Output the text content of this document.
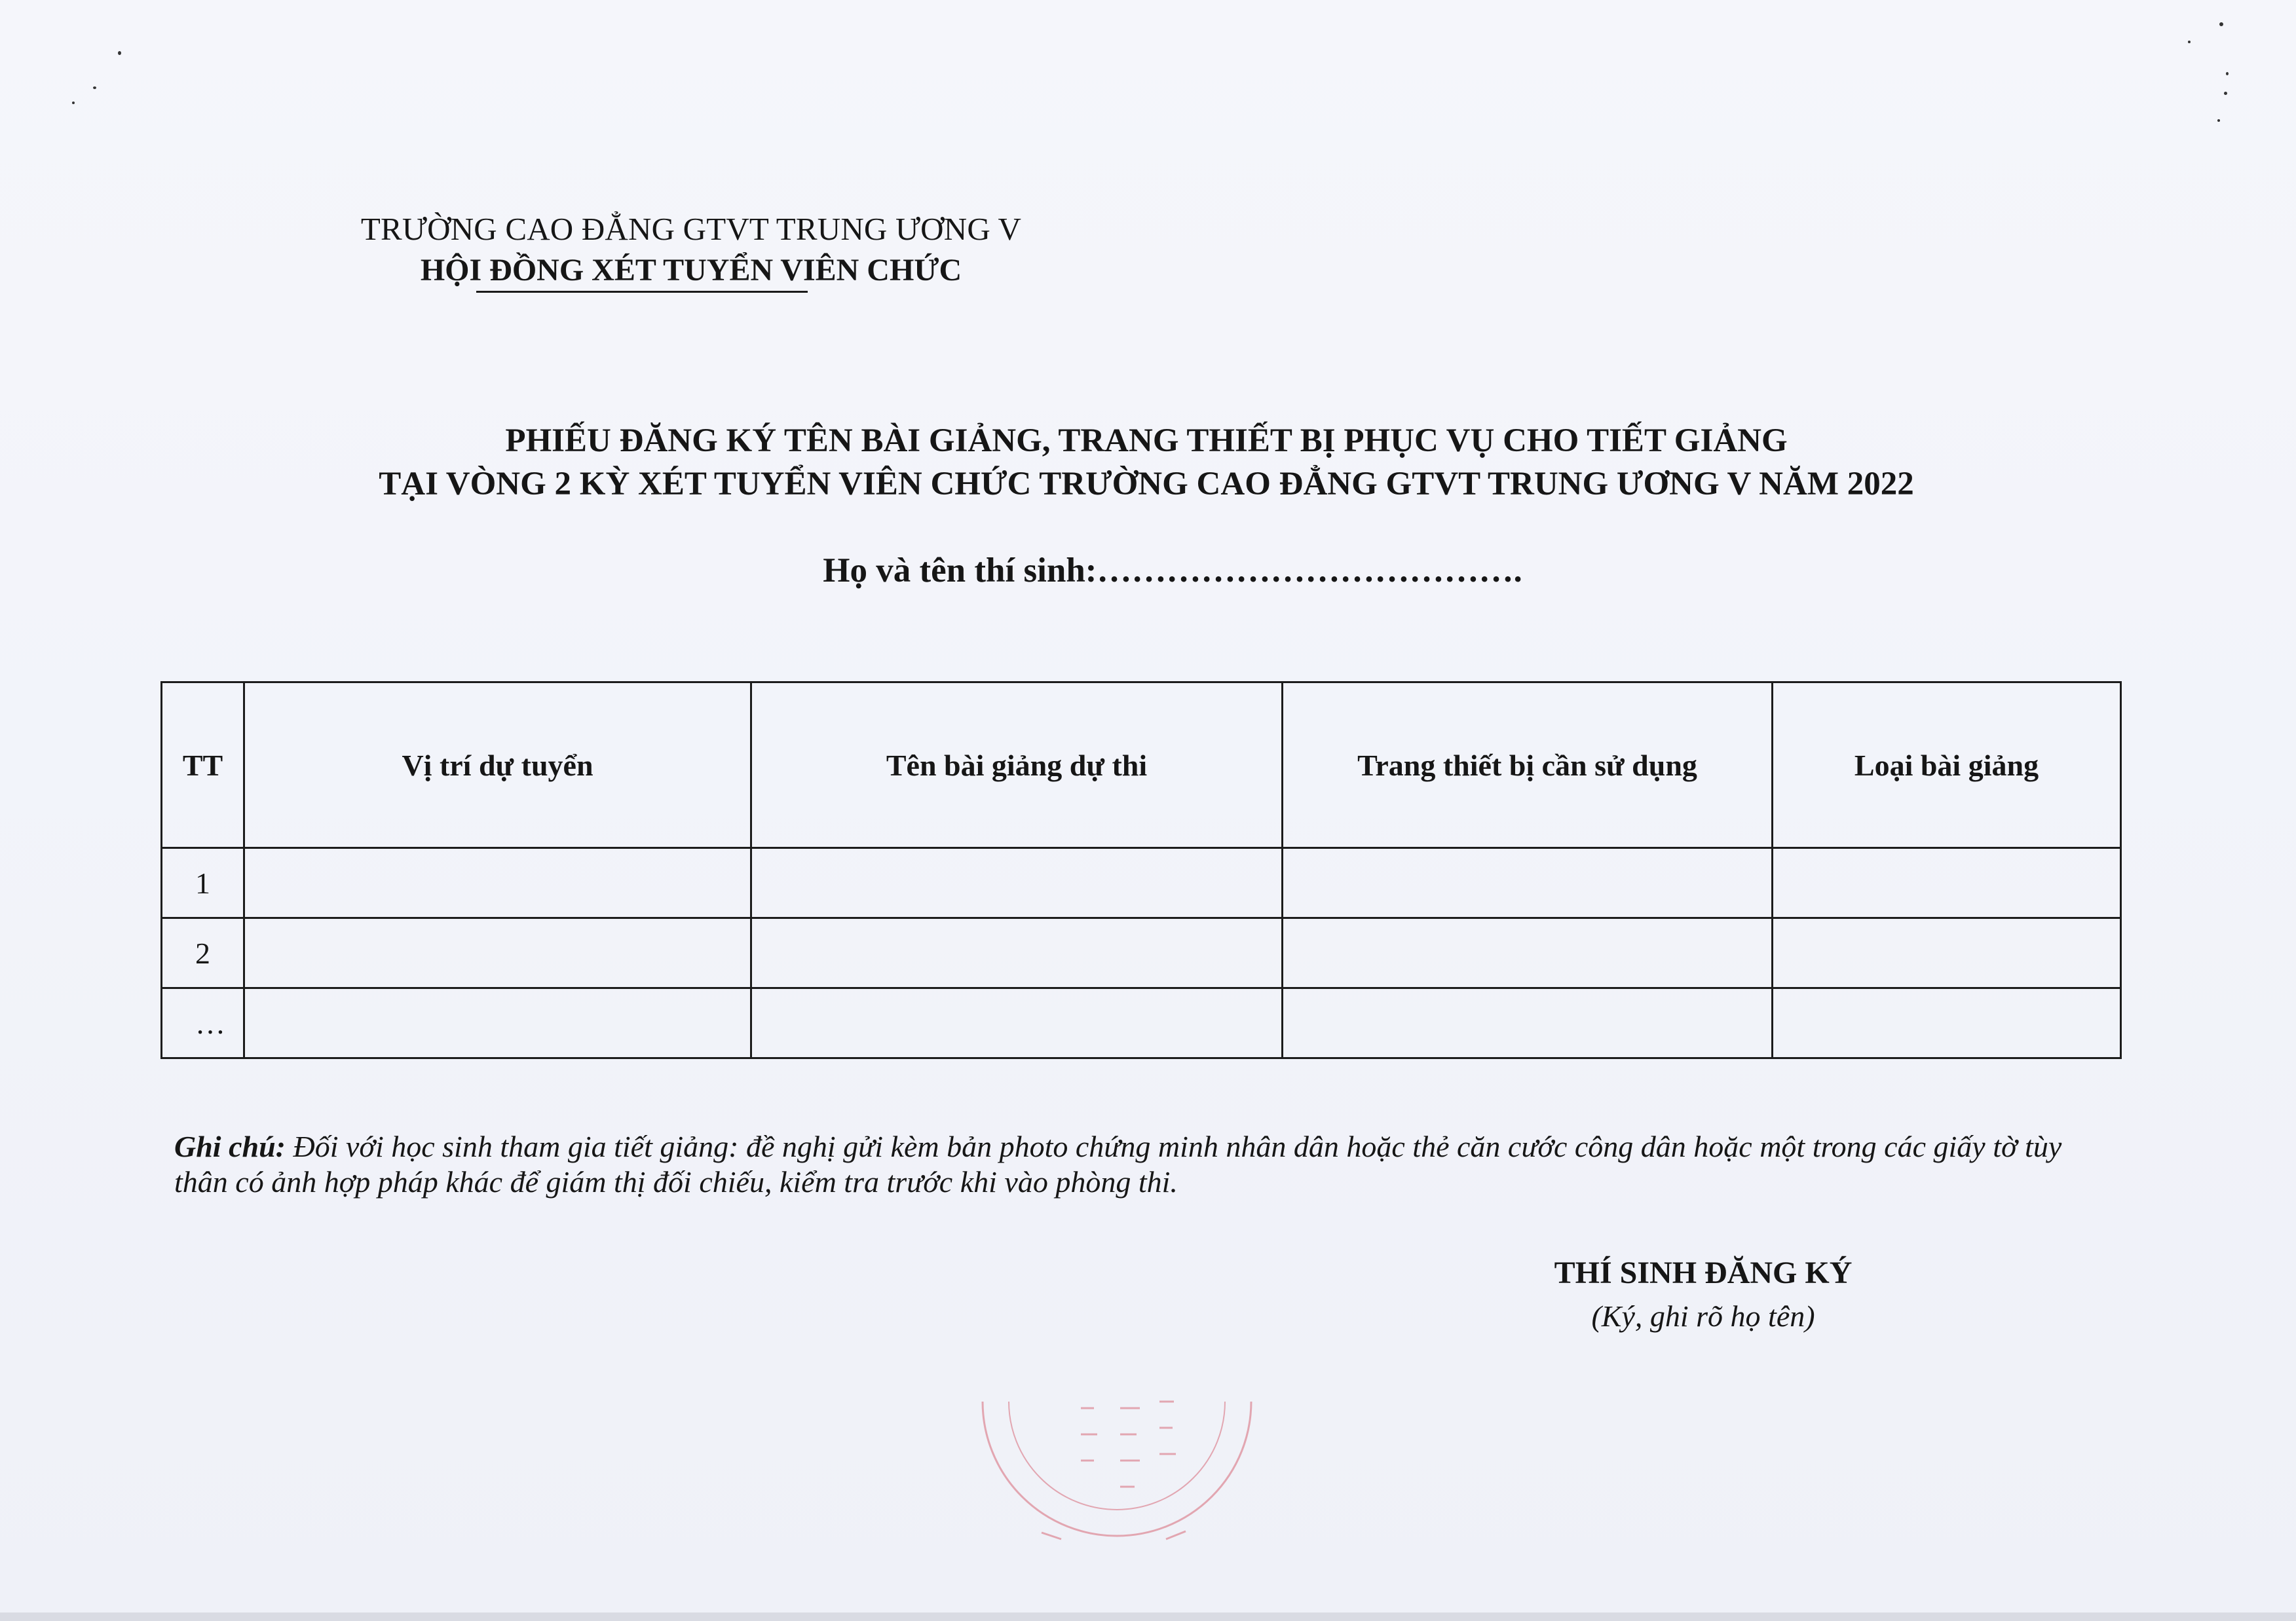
TRƯỜNG CAO ĐẲNG GTVT TRUNG ƯƠNG V
HỘI ĐỒNG XÉT TUYỂN VIÊN CHỨC
PHIẾU ĐĂNG KÝ TÊN BÀI GIẢNG, TRANG THIẾT BỊ PHỤC VỤ CHO TIẾT GIẢNG
TẠI VÒNG 2 KỲ XÉT TUYỂN VIÊN CHỨC TRƯỜNG CAO ĐẲNG GTVT TRUNG ƯƠNG V NĂM 2022
Họ và tên thí sinh:……………………………….
TT	Vị trí dự tuyển	Tên bài giảng dự thi	Trang thiết bị cần sử dụng	Loại bài giảng
1				
2				
…				
Ghi chú: Đối với học sinh tham gia tiết giảng: đề nghị gửi kèm bản photo chứng minh nhân dân hoặc thẻ căn cước công dân hoặc một trong các giấy tờ tùy thân có ảnh hợp pháp khác để giám thị đối chiếu, kiểm tra trước khi vào phòng thi.
THÍ SINH ĐĂNG KÝ
(Ký, ghi rõ họ tên)
